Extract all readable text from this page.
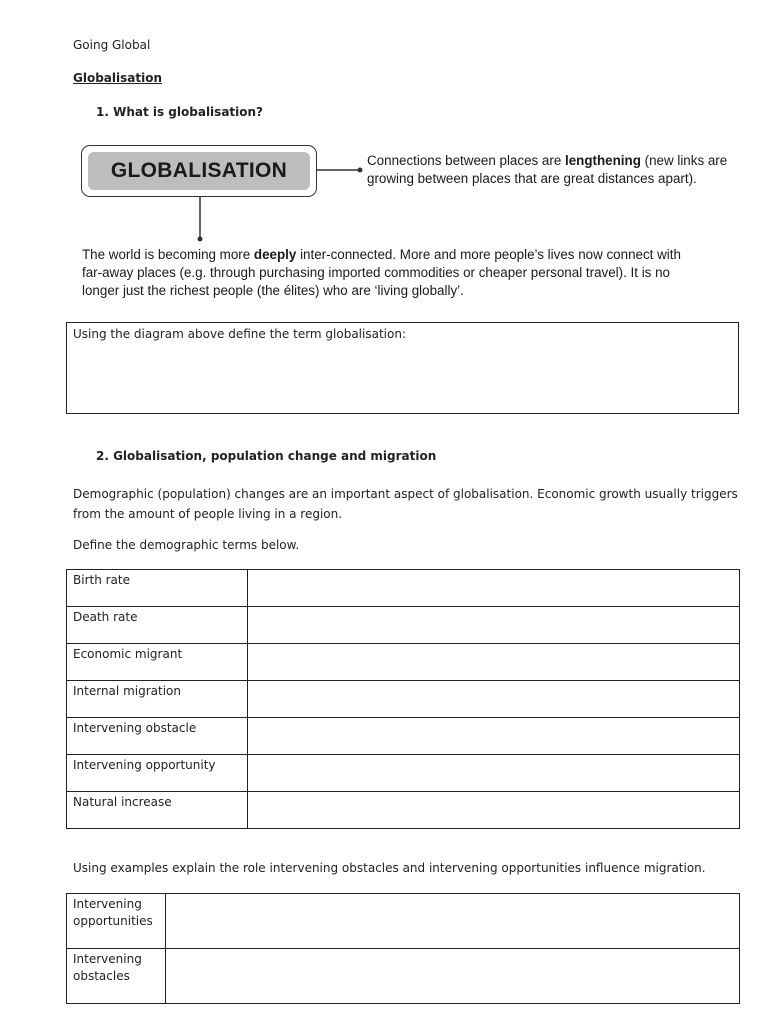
Going Global
Globalisation
1. What is globalisation?
GLOBALISATION	Connections between places are lengthening (new links are
growing between places that are great distances apart).
The world is becoming more deeply inter-connected. More and more people’s lives now connect with
far-away places (e.g. through purchasing imported commodities or cheaper personal travel). It is no
longer just the richest people (the élites) who are ‘living globally’.
Using the diagram above define the term globalisation:
2. Globalisation, population change and migration
Demographic (population) changes are an important aspect of globalisation. Economic growth usually triggers
from the amount of people living in a region.
Define the demographic terms below.
Birth rate	
Death rate	
Economic migrant	
Internal migration	
Intervening obstacle	
Intervening opportunity	
Natural increase	
Using examples explain the role intervening obstacles and intervening opportunities influence migration.
Intervening
opportunities	

Intervening
obstacles	
